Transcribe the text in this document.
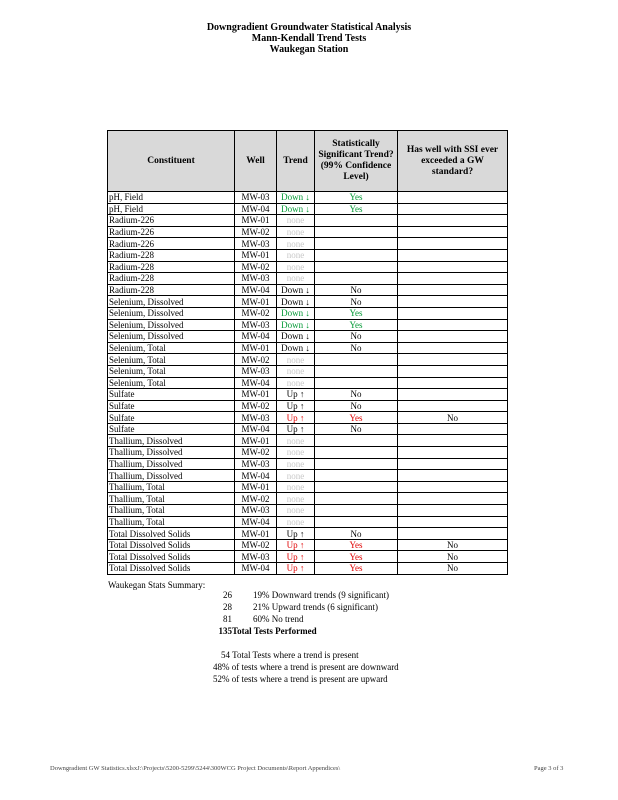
Downgradient Groundwater Statistical Analysis
Mann-Kendall Trend Tests
Waukegan Station
Constituent	Well	Trend	Statistically Significant Trend? (99% Confidence Level)	Has well with SSI ever exceeded a GW standard?
pH, Field	MW-03	Down ↓	Yes	
pH, Field	MW-04	Down ↓	Yes	
Radium-226	MW-01	none		
Radium-226	MW-02	none		
Radium-226	MW-03	none		
Radium-228	MW-01	none		
Radium-228	MW-02	none		
Radium-228	MW-03	none		
Radium-228	MW-04	Down ↓	No	
Selenium, Dissolved	MW-01	Down ↓	No	
Selenium, Dissolved	MW-02	Down ↓	Yes	
Selenium, Dissolved	MW-03	Down ↓	Yes	
Selenium, Dissolved	MW-04	Down ↓	No	
Selenium, Total	MW-01	Down ↓	No	
Selenium, Total	MW-02	none		
Selenium, Total	MW-03	none		
Selenium, Total	MW-04	none		
Sulfate	MW-01	Up ↑	No	
Sulfate	MW-02	Up ↑	No	
Sulfate	MW-03	Up ↑	Yes	No
Sulfate	MW-04	Up ↑	No	
Thallium, Dissolved	MW-01	none		
Thallium, Dissolved	MW-02	none		
Thallium, Dissolved	MW-03	none		
Thallium, Dissolved	MW-04	none		
Thallium, Total	MW-01	none		
Thallium, Total	MW-02	none		
Thallium, Total	MW-03	none		
Thallium, Total	MW-04	none		
Total Dissolved Solids	MW-01	Up ↑	No	
Total Dissolved Solids	MW-02	Up ↑	Yes	No
Total Dissolved Solids	MW-03	Up ↑	Yes	No
Total Dissolved Solids	MW-04	Up ↑	Yes	No
Waukegan Stats Summary:
26 19% Downward trends (9 significant)
28 21% Upward trends (6 significant)
81 60% No trend
135 Total Tests Performed
54 Total Tests where a trend is present
48% of tests where a trend is present are downward
52% of tests where a trend is present are upward
Downgradient GW Statistics.xlsxJ:\Projects\5200-5299\5244\300WCG Project Documents\Report Appendices\	Page 3 of 3
